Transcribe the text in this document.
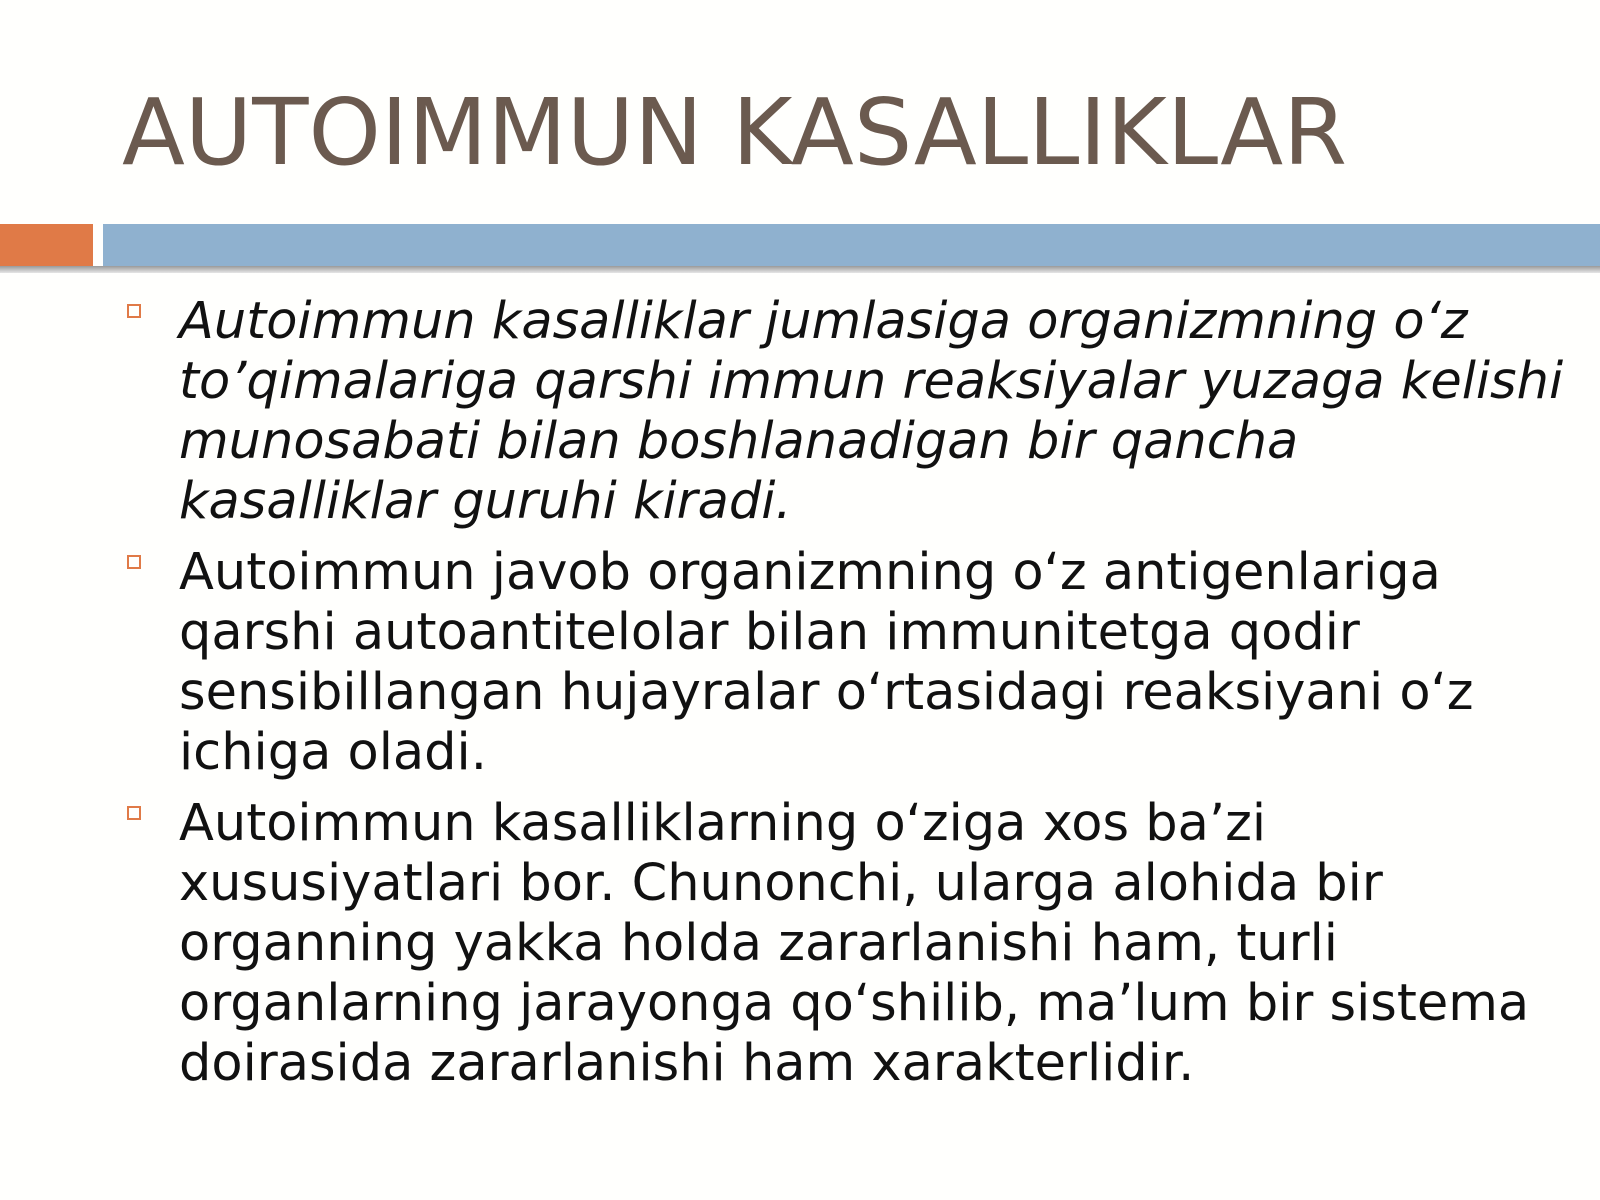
AUTOIMMUN KASALLIKLAR
Autoimmun kasalliklar jumlasiga organizmning o‘z to’qimalariga qarshi immun reaksiyalar yuzaga kelishi munosabati bilan boshlanadigan bir qancha kasalliklar guruhi kiradi.
Autoimmun javob organizmning o‘z antigenlariga qarshi autoantitelolar bilan immunitetga qodir sensibillangan hujayralar o‘rtasidagi reaksiyani o‘z ichiga oladi.
Autoimmun kasalliklarning o‘ziga xos ba’zi xususiyatlari bor. Chunonchi, ularga alohida bir organning yakka holda zararlanishi ham, turli organlarning jarayonga qo‘shilib, ma’lum bir sistema doirasida zararlanishi ham xarakterlidir.
